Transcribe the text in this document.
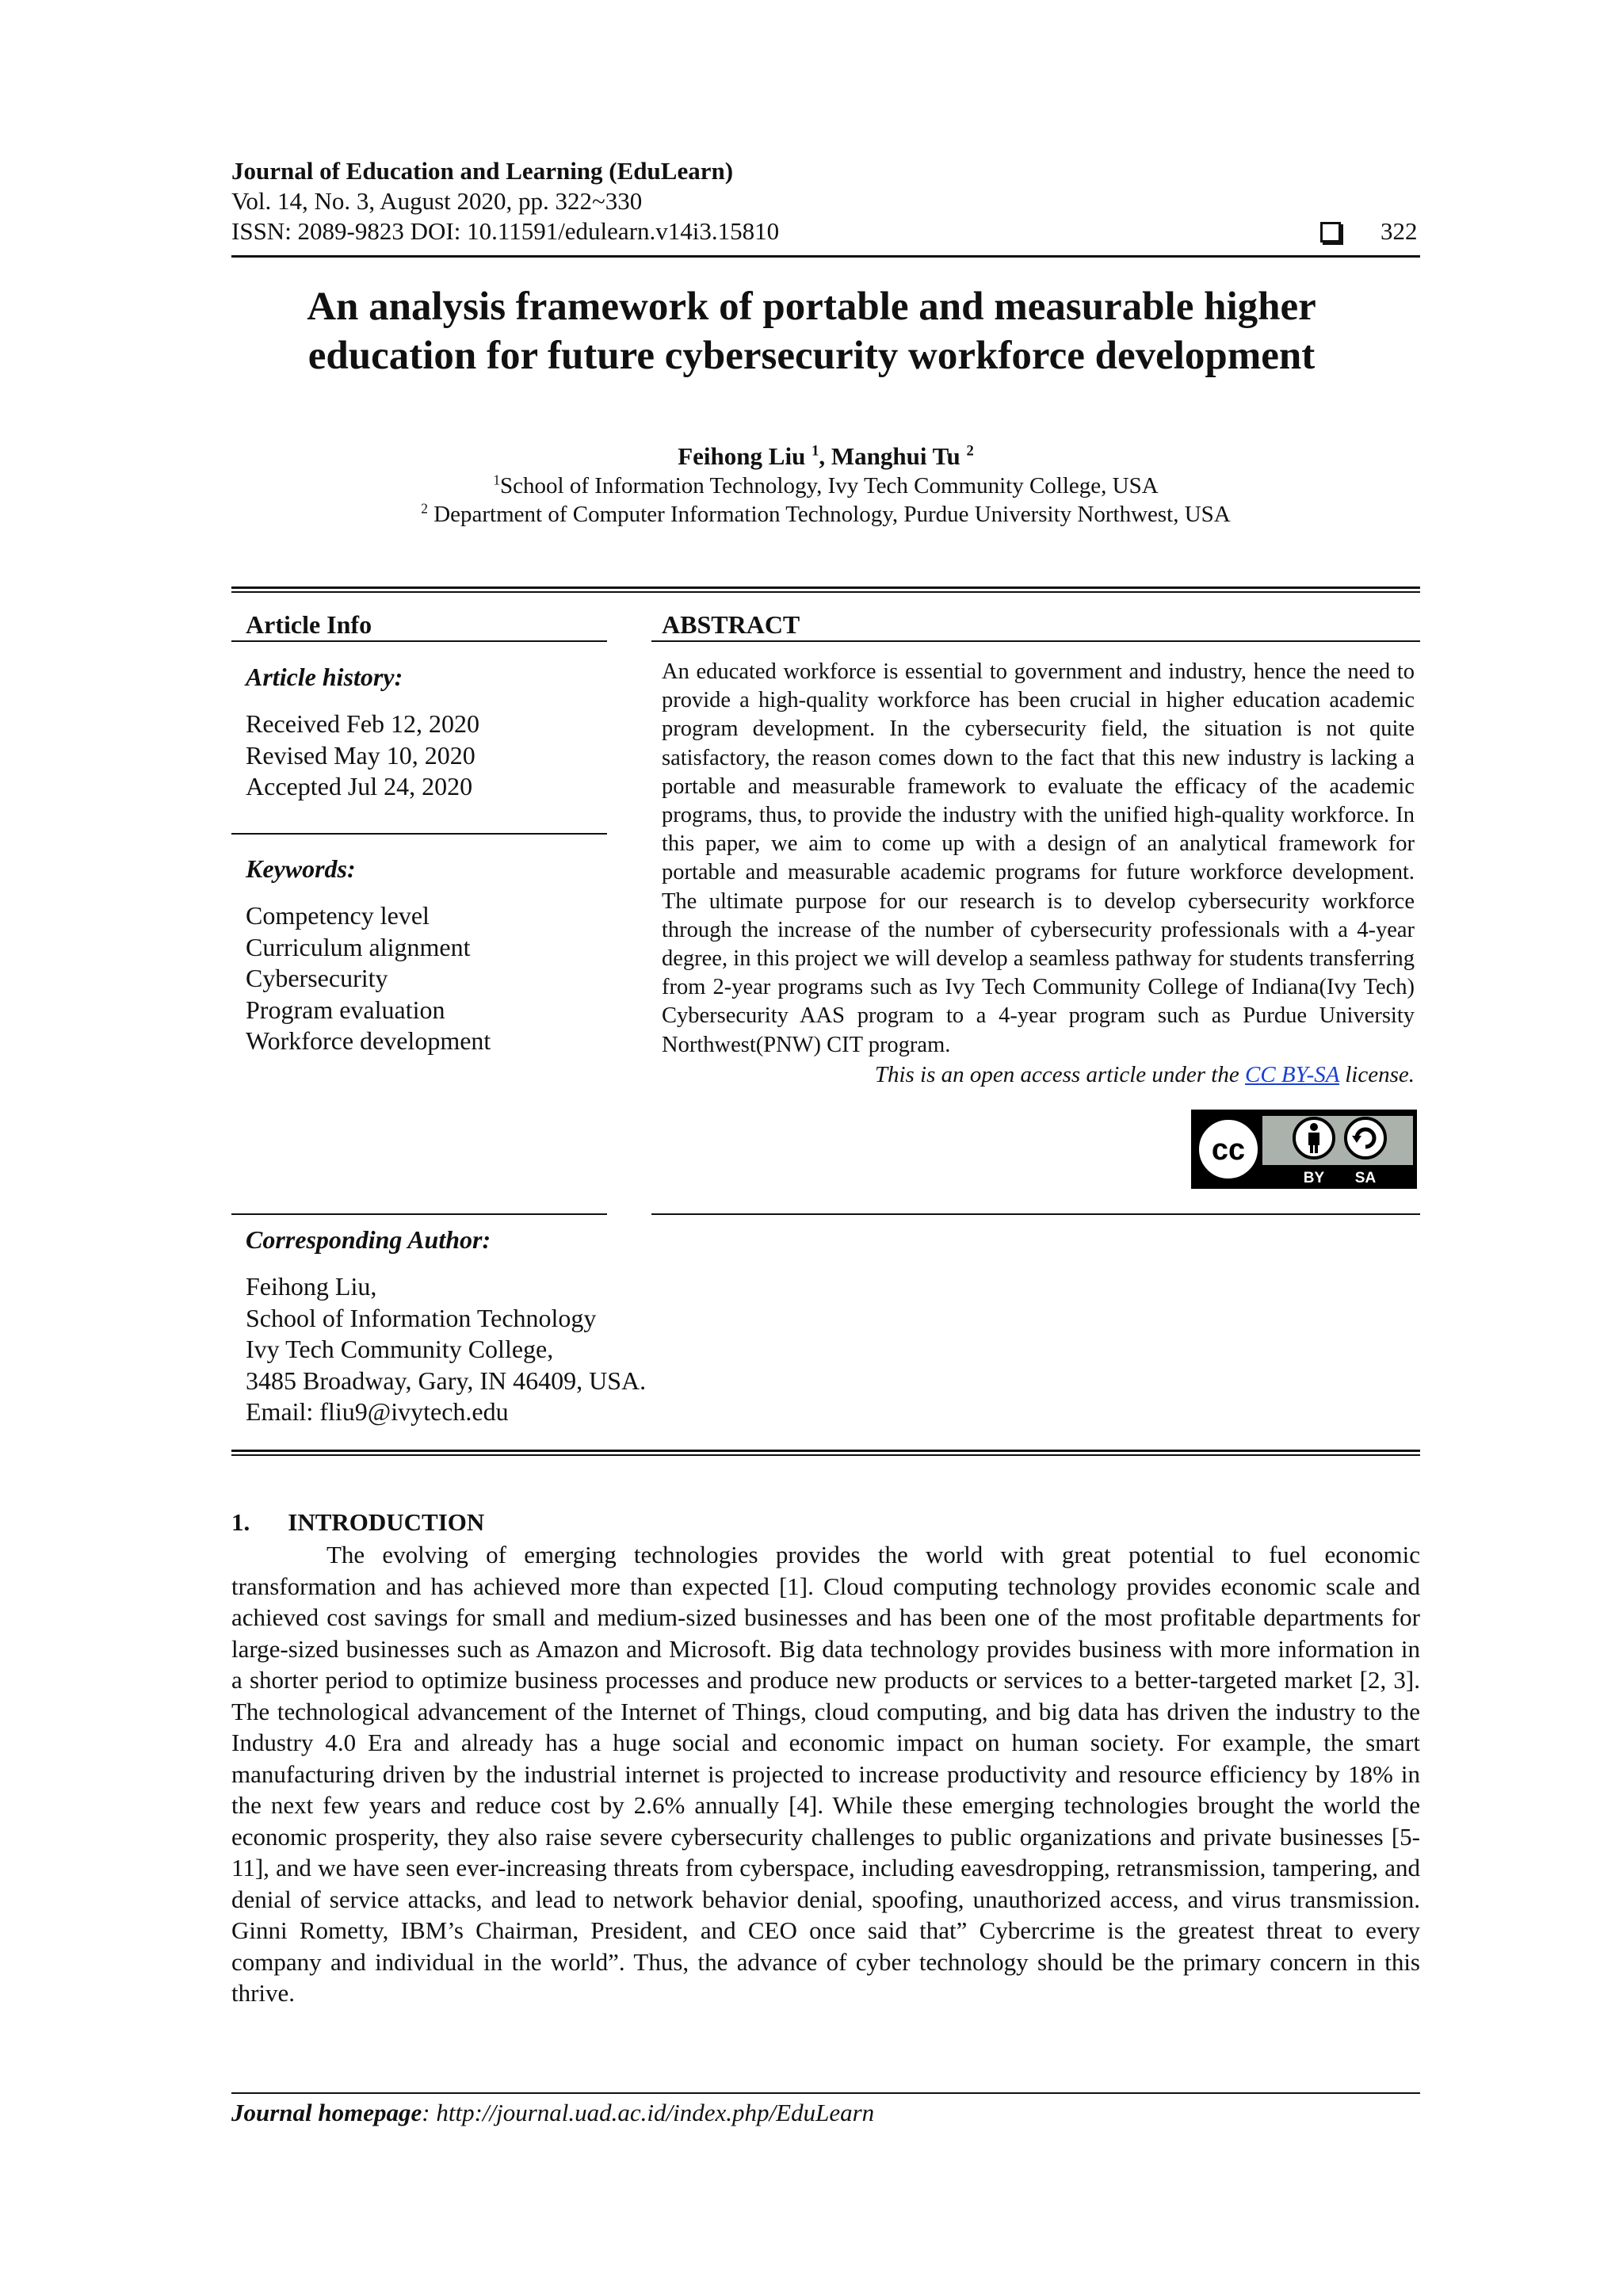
Journal of Education and Learning (EduLearn)
Vol. 14, No. 3, August 2020, pp. 322~330
ISSN: 2089-9823 DOI: 10.11591/edulearn.v14i3.15810	322
An analysis framework of portable and measurable higher
education for future cybersecurity workforce development
Feihong Liu $^1$, Manghui Tu $^2$
$^1$School of Information Technology, Ivy Tech Community College, USA
$^2$ Department of Computer Information Technology, Purdue University Northwest, USA
Article Info
Article history:
Received Feb 12, 2020
Revised May 10, 2020
Accepted Jul 24, 2020
Keywords:
Competency level
Curriculum alignment
Cybersecurity
Program evaluation
Workforce development
ABSTRACT
An educated workforce is essential to government and industry, hence the need to provide a high-quality workforce has been crucial in higher education academic program development. In the cybersecurity field, the situation is not quite satisfactory, the reason comes down to the fact that this new industry is lacking a portable and measurable framework to evaluate the efficacy of the academic programs, thus, to provide the industry with the unified high-quality workforce. In this paper, we aim to come up with a design of an analytical framework for portable and measurable academic programs for future workforce development. The ultimate purpose for our research is to develop cybersecurity workforce through the increase of the number of cybersecurity professionals with a 4-year degree, in this project we will develop a seamless pathway for students transferring from 2-year programs such as Ivy Tech Community College of Indiana(Ivy Tech) Cybersecurity AAS program to a 4-year program such as Purdue University Northwest(PNW) CIT program.
This is an open access article under the CC BY-SA license.
cc
BY SA
Corresponding Author:
Feihong Liu,
School of Information Technology
Ivy Tech Community College,
3485 Broadway, Gary, IN 46409, USA.
Email: fliu9@ivytech.edu
1. INTRODUCTION
The evolving of emerging technologies provides the world with great potential to fuel economic transformation and has achieved more than expected [1]. Cloud computing technology provides economic scale and achieved cost savings for small and medium-sized businesses and has been one of the most profitable departments for large-sized businesses such as Amazon and Microsoft. Big data technology provides business with more information in a shorter period to optimize business processes and produce new products or services to a better-targeted market [2, 3]. The technological advancement of the Internet of Things, cloud computing, and big data has driven the industry to the Industry 4.0 Era and already has a huge social and economic impact on human society. For example, the smart manufacturing driven by the industrial internet is projected to increase productivity and resource efficiency by 18% in the next few years and reduce cost by 2.6% annually [4]. While these emerging technologies brought the world the economic prosperity, they also raise severe cybersecurity challenges to public organizations and private businesses [5-11], and we have seen ever-increasing threats from cyberspace, including eavesdropping, retransmission, tampering, and denial of service attacks, and lead to network behavior denial, spoofing, unauthorized access, and virus transmission. Ginni Rometty, IBM’s Chairman, President, and CEO once said that” Cybercrime is the greatest threat to every company and individual in the world”. Thus, the advance of cyber technology should be the primary concern in this thrive.
Journal homepage: http://journal.uad.ac.id/index.php/EduLearn
